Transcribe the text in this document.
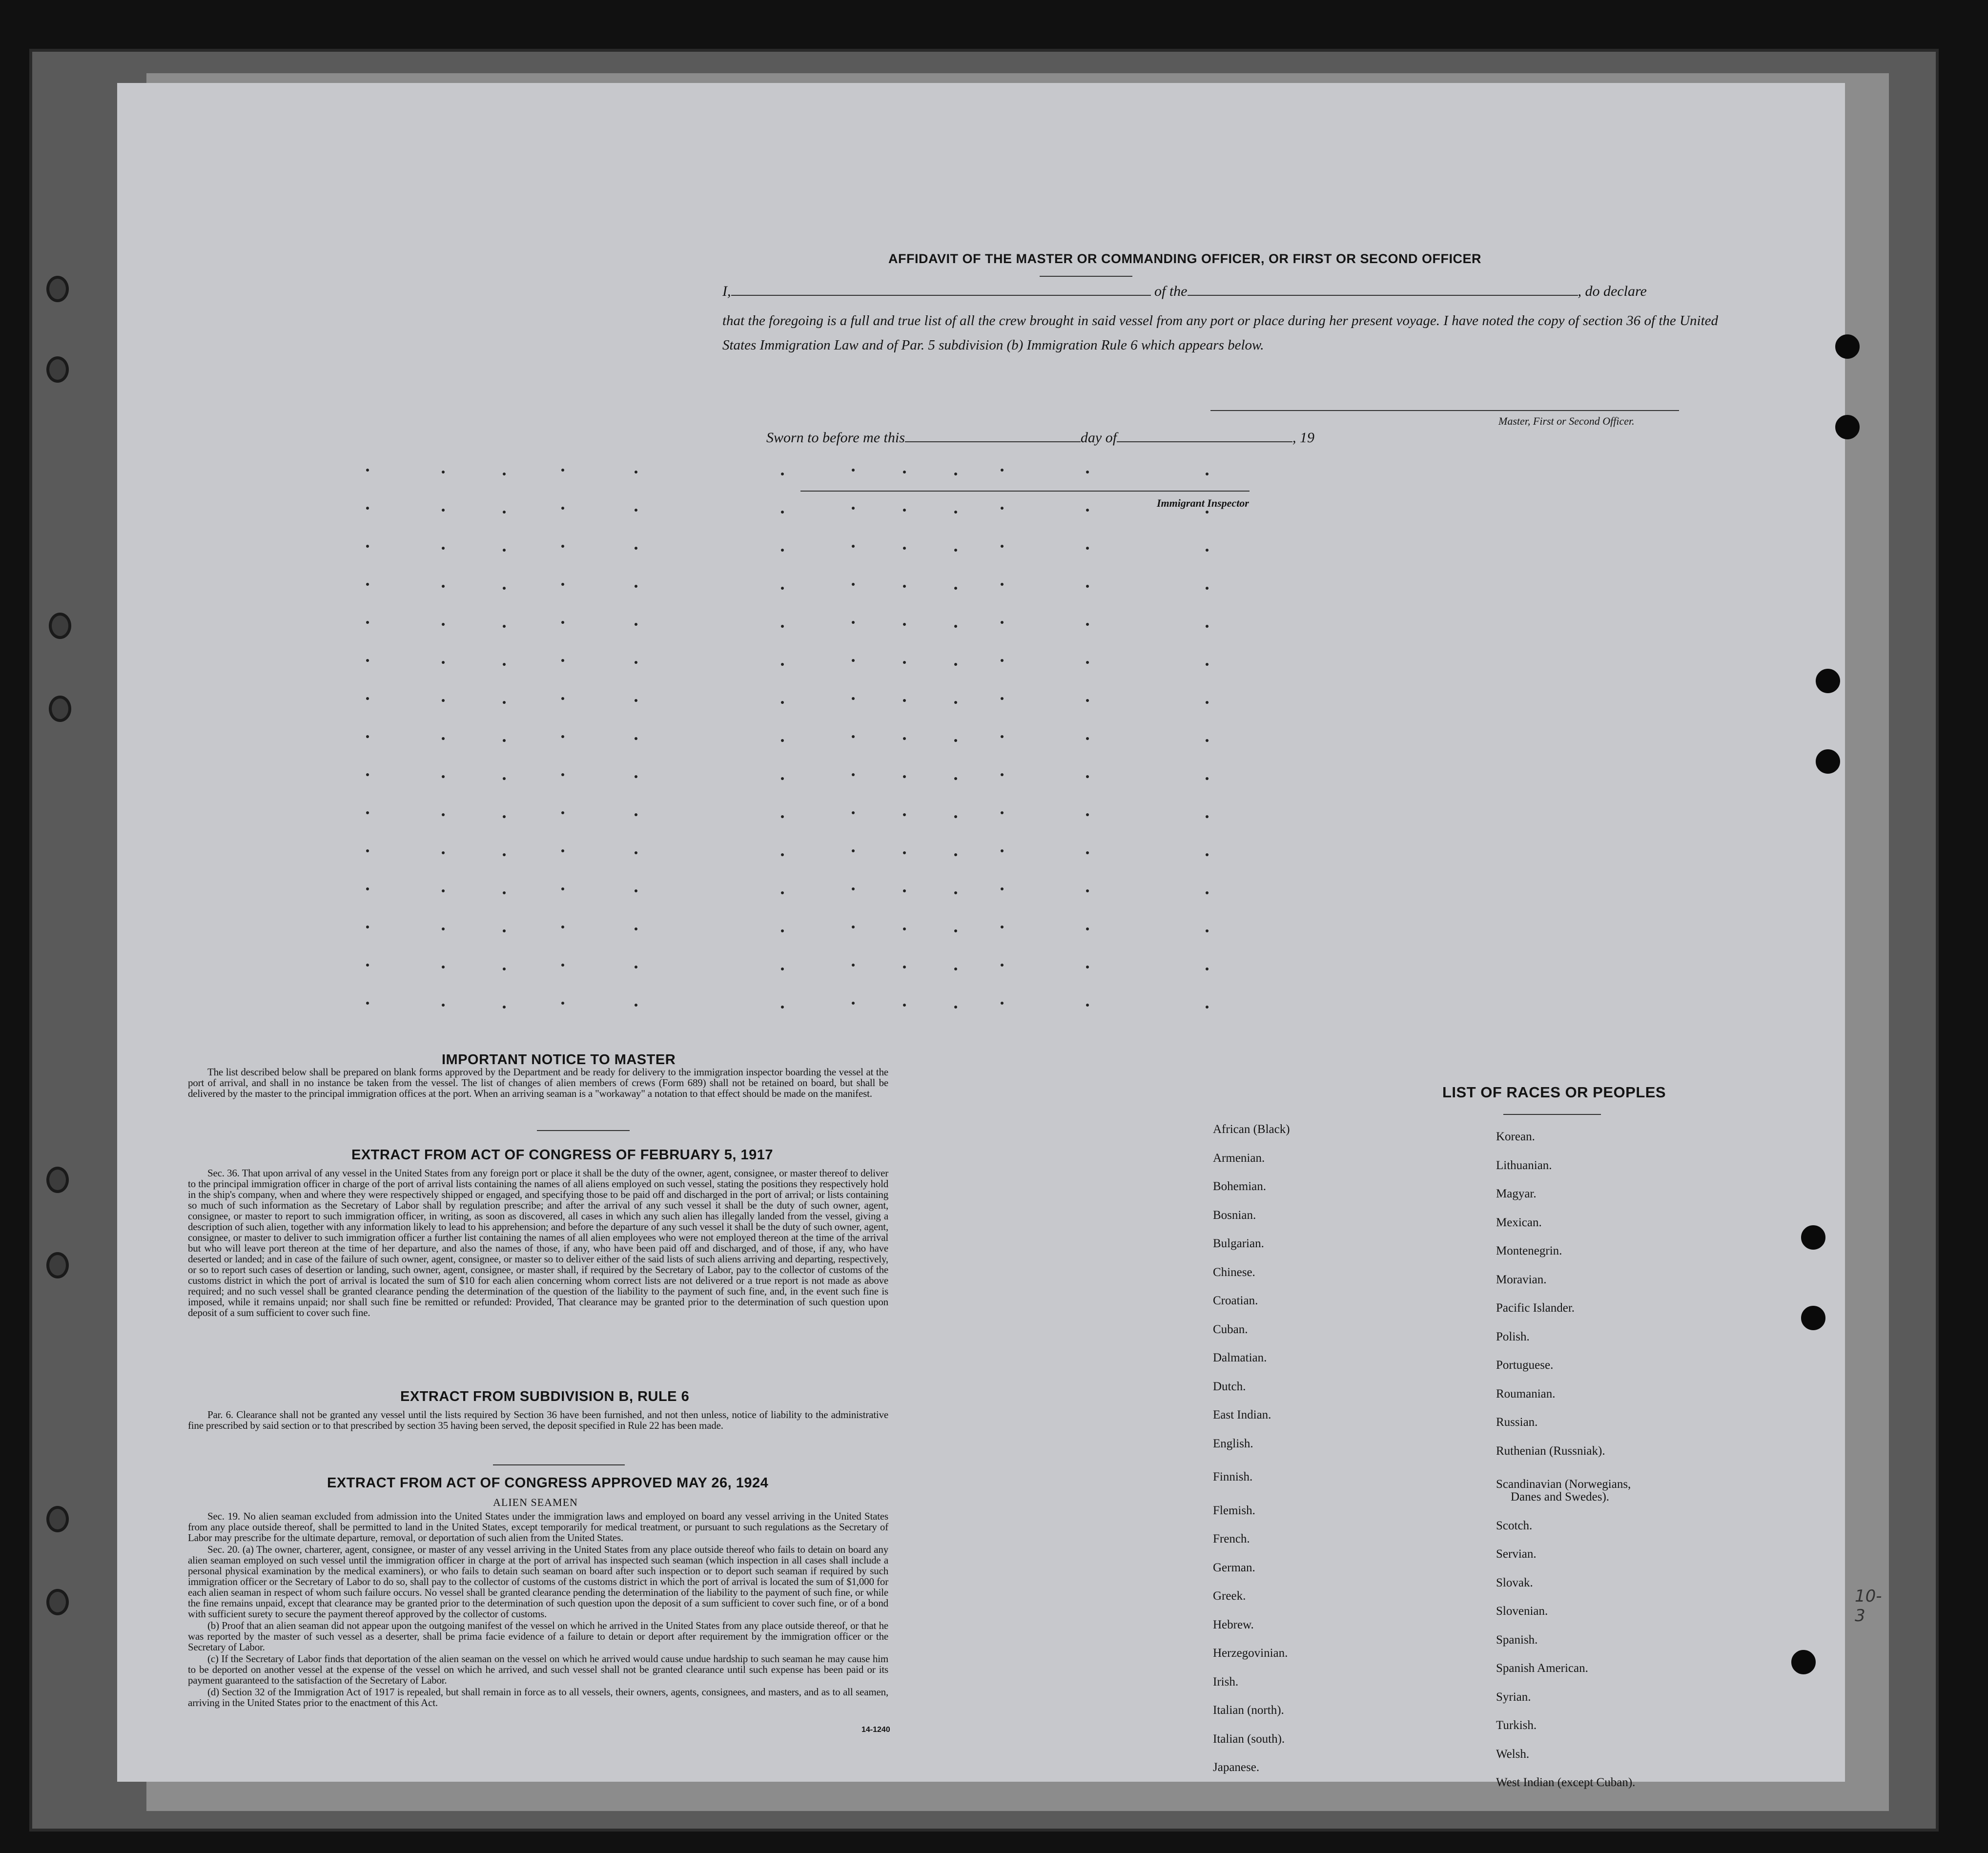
AFFIDAVIT OF THE MASTER OR COMMANDING OFFICER, OR FIRST OR SECOND OFFICER
I,	of the	, do declare
that the foregoing is a full and true list of all the crew brought in said vessel from any port or place during her present voyage. I have noted the copy of section 36 of the United States Immigration Law and of Par. 5 subdivision (b) Immigration Rule 6 which appears below.
Master, First or Second Officer.
Sworn to before me this	day of	, 19
Immigrant Inspector
IMPORTANT NOTICE TO MASTER

The list described below shall be prepared on blank forms approved by the Department and be ready for delivery to the immigration inspector boarding the vessel at the port of arrival, and shall in no instance be taken from the vessel. The list of changes of alien members of crews (Form 689) shall not be retained on board, but shall be delivered by the master to the principal immigration offices at the port. When an arriving seaman is a "workaway" a notation to that effect should be made on the manifest.

EXTRACT FROM ACT OF CONGRESS OF FEBRUARY 5, 1917

Sec. 36. That upon arrival of any vessel in the United States from any foreign port or place it shall be the duty of the owner, agent, consignee, or master thereof to deliver to the principal immigration officer in charge of the port of arrival lists containing the names of all aliens employed on such vessel, stating the positions they respectively hold in the ship's company, when and where they were respectively shipped or engaged, and specifying those to be paid off and discharged in the port of arrival; or lists containing so much of such information as the Secretary of Labor shall by regulation prescribe; and after the arrival of any such vessel it shall be the duty of such owner, agent, consignee, or master to report to such immigration officer, in writing, as soon as discovered, all cases in which any such alien has illegally landed from the vessel, giving a description of such alien, together with any information likely to lead to his apprehension; and before the departure of any such vessel it shall be the duty of such owner, agent, consignee, or master to deliver to such immigration officer a further list containing the names of all alien employees who were not employed thereon at the time of the arrival but who will leave port thereon at the time of her departure, and also the names of those, if any, who have been paid off and discharged, and of those, if any, who have deserted or landed; and in case of the failure of such owner, agent, consignee, or master so to deliver either of the said lists of such aliens arriving and departing, respectively, or so to report such cases of desertion or landing, such owner, agent, consignee, or master shall, if required by the Secretary of Labor, pay to the collector of customs of the customs district in which the port of arrival is located the sum of $10 for each alien concerning whom correct lists are not delivered or a true report is not made as above required; and no such vessel shall be granted clearance pending the determination of the question of the liability to the payment of such fine, and, in the event such fine is imposed, while it remains unpaid; nor shall such fine be remitted or refunded: Provided, That clearance may be granted prior to the determination of such question upon deposit of a sum sufficient to cover such fine.

EXTRACT FROM SUBDIVISION B, RULE 6

Par. 6. Clearance shall not be granted any vessel until the lists required by Section 36 have been furnished, and not then unless, notice of liability to the administrative fine prescribed by said section or to that prescribed by section 35 having been served, the deposit specified in Rule 22 has been made.

EXTRACT FROM ACT OF CONGRESS APPROVED MAY 26, 1924
ALIEN SEAMEN

Sec. 19. No alien seaman excluded from admission into the United States under the immigration laws and employed on board any vessel arriving in the United States from any place outside thereof, shall be permitted to land in the United States, except temporarily for medical treatment, or pursuant to such regulations as the Secretary of Labor may prescribe for the ultimate departure, removal, or deportation of such alien from the United States.

Sec. 20. (a) The owner, charterer, agent, consignee, or master of any vessel arriving in the United States from any place outside thereof who fails to detain on board any alien seaman employed on such vessel until the immigration officer in charge at the port of arrival has inspected such seaman (which inspection in all cases shall include a personal physical examination by the medical examiners), or who fails to detain such seaman on board after such inspection or to deport such seaman if required by such immigration officer or the Secretary of Labor to do so, shall pay to the collector of customs of the customs district in which the port of arrival is located the sum of $1,000 for each alien seaman in respect of whom such failure occurs. No vessel shall be granted clearance pending the determination of the liability to the payment of such fine, or while the fine remains unpaid, except that clearance may be granted prior to the determination of such question upon the deposit of a sum sufficient to cover such fine, or of a bond with sufficient surety to secure the payment thereof approved by the collector of customs.

(b) Proof that an alien seaman did not appear upon the outgoing manifest of the vessel on which he arrived in the United States from any place outside thereof, or that he was reported by the master of such vessel as a deserter, shall be prima facie evidence of a failure to detain or deport after requirement by the immigration officer or the Secretary of Labor.

(c) If the Secretary of Labor finds that deportation of the alien seaman on the vessel on which he arrived would cause undue hardship to such seaman he may cause him to be deported on another vessel at the expense of the vessel on which he arrived, and such vessel shall not be granted clearance until such expense has been paid or its payment guaranteed to the satisfaction of the Secretary of Labor.

(d) Section 32 of the Immigration Act of 1917 is repealed, but shall remain in force as to all vessels, their owners, agents, consignees, and masters, and as to all seamen, arriving in the United States prior to the enactment of this Act.

14-1240
LIST OF RACES OR PEOPLES
African (Black)
Armenian.
Bohemian.
Bosnian.
Bulgarian.
Chinese.
Croatian.
Cuban.
Dalmatian.
Dutch.
East Indian.
English.
Finnish.
Flemish.
French.
German.
Greek.
Hebrew.
Herzegovinian.
Irish.
Italian (north).
Italian (south).
Japanese.
Korean.
Lithuanian.
Magyar.
Mexican.
Montenegrin.
Moravian.
Pacific Islander.
Polish.
Portuguese.
Roumanian.
Russian.
Ruthenian (Russniak).
Scandinavian (Norwegians,
Danes and Swedes).
Scotch.
Servian.
Slovak.
Slovenian.
Spanish.
Spanish American.
Syrian.
Turkish.
Welsh.
West Indian (except Cuban).
10-3
